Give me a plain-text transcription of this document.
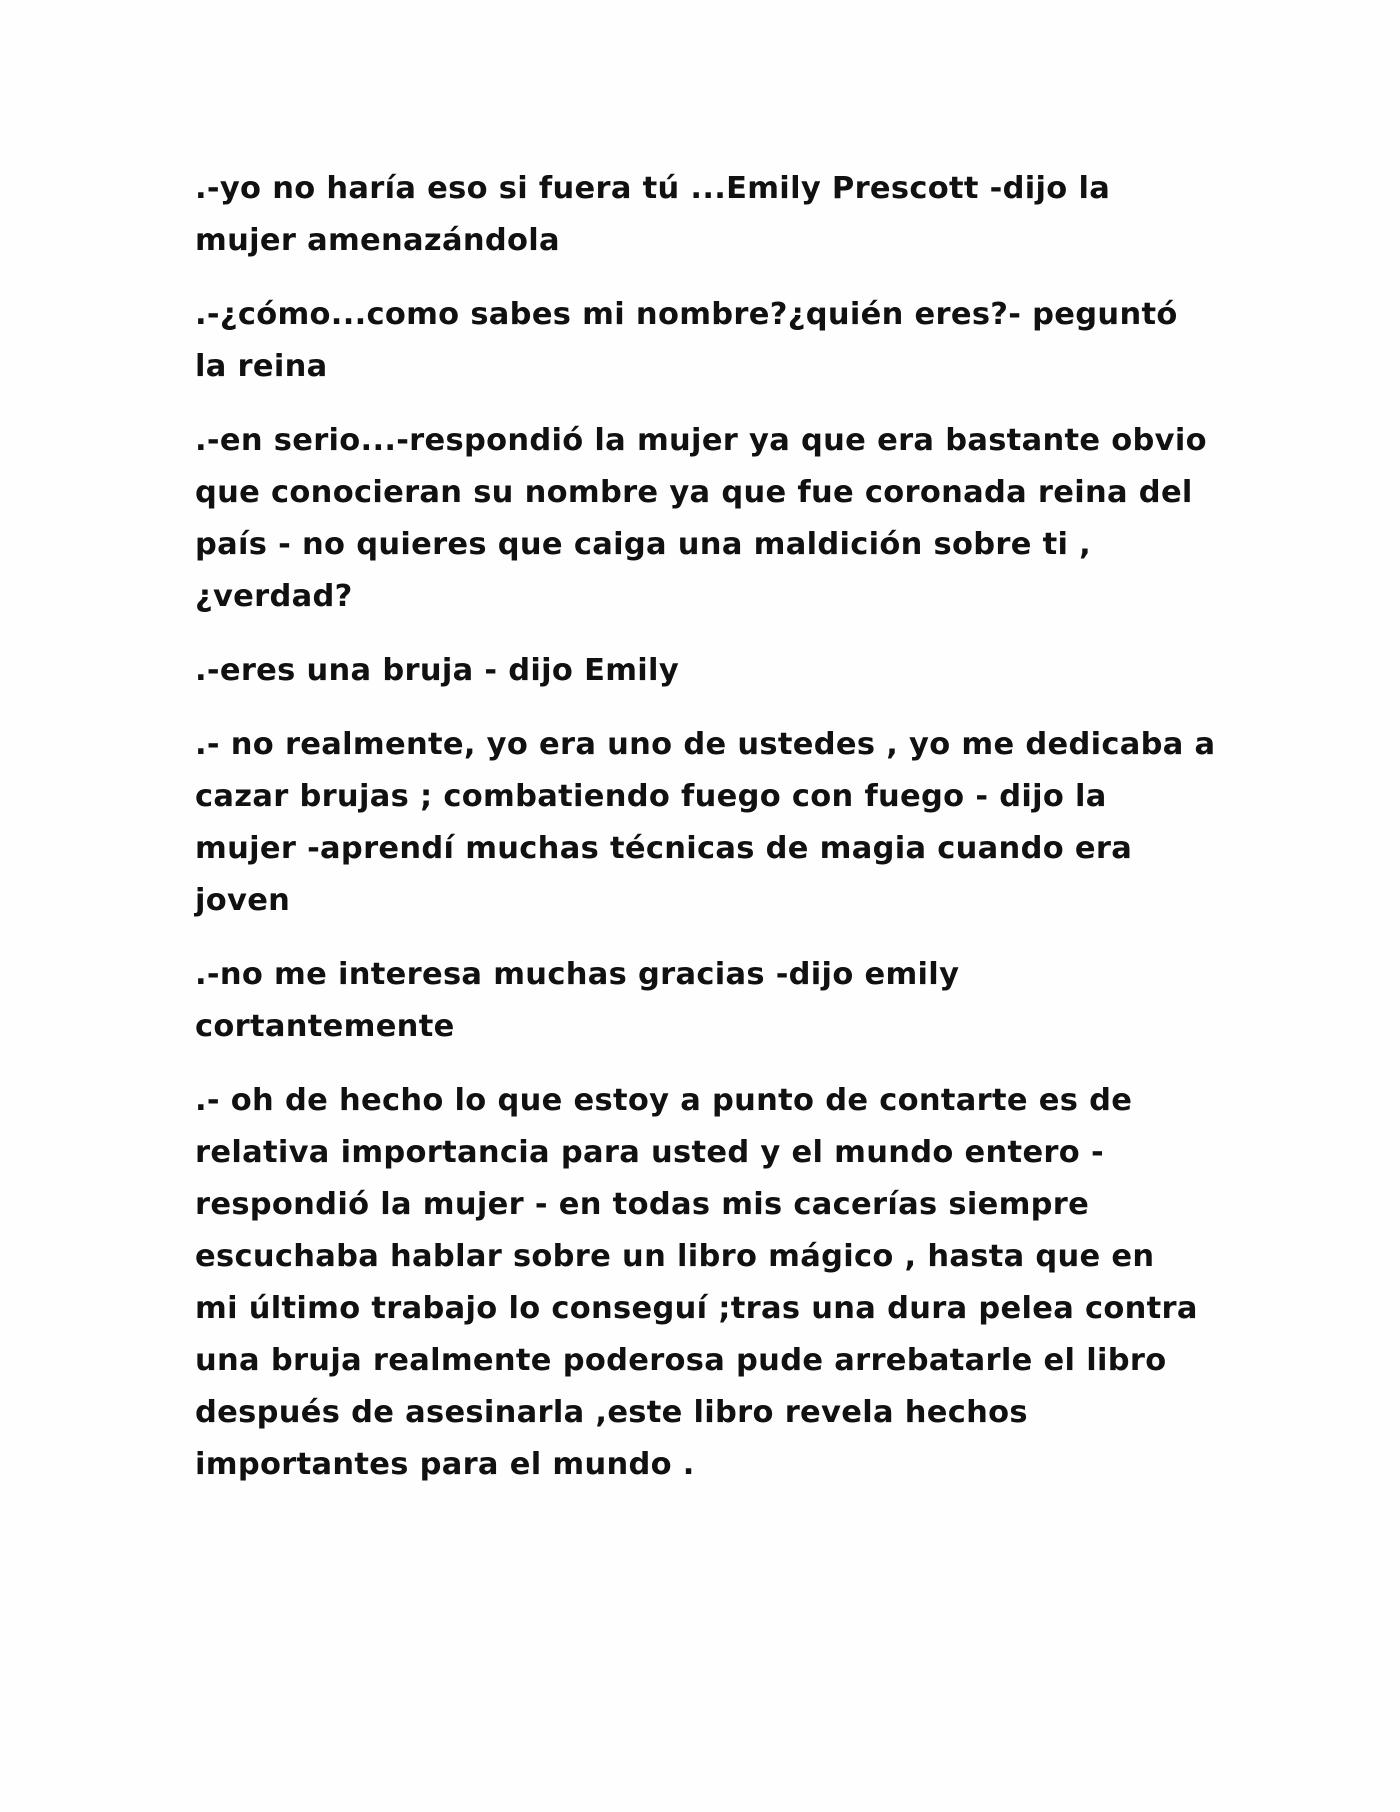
.-yo no haría eso si fuera tú ...Emily Prescott -dijo la
mujer amenazándola

.-¿cómo...como sabes mi nombre?¿quién eres?- peguntó
la reina

.-en serio...-respondió la mujer ya que era bastante obvio
que conocieran su nombre ya que fue coronada reina del
país - no quieres que caiga una maldición sobre ti ,
¿verdad?

.-eres una bruja - dijo Emily

.- no realmente, yo era uno de ustedes , yo me dedicaba a
cazar brujas ; combatiendo fuego con fuego - dijo la
mujer -aprendí muchas técnicas de magia cuando era
joven

.-no me interesa muchas gracias -dijo emily
cortantemente

.- oh de hecho lo que estoy a punto de contarte es de
relativa importancia para usted y el mundo entero -
respondió la mujer - en todas mis cacerías siempre
escuchaba hablar sobre un libro mágico , hasta que en
mi último trabajo lo conseguí ;tras una dura pelea contra
una bruja realmente poderosa pude arrebatarle el libro
después de asesinarla ,este libro revela hechos
importantes para el mundo .
